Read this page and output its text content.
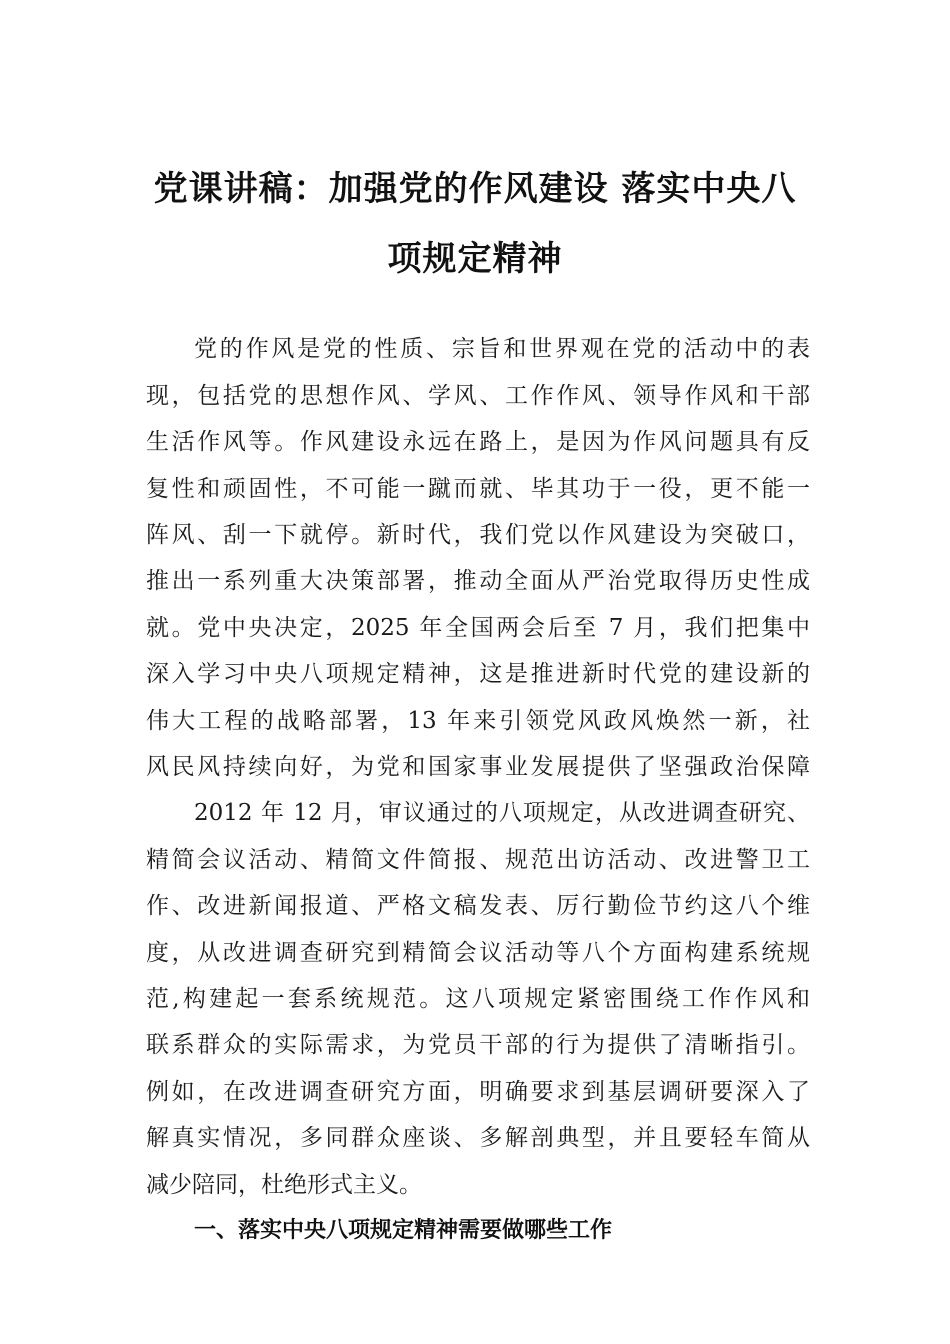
党课讲稿：加强党的作风建设 落实中央八
项规定精神
党的作风是党的性质、宗旨和世界观在党的活动中的表
现，包括党的思想作风、学风、工作作风、领导作风和干部
生活作风等。作风建设永远在路上，是因为作风问题具有反
复性和顽固性，不可能一蹴而就、毕其功于一役，更不能一
阵风、刮一下就停。新时代，我们党以作风建设为突破口，
推出一系列重大决策部署，推动全面从严治党取得历史性成
就。党中央决定，2025 年全国两会后至 7 月，我们把集中
深入学习中央八项规定精神，这是推进新时代党的建设新的
伟大工程的战略部署，13 年来引领党风政风焕然一新，社
风民风持续向好，为党和国家事业发展提供了坚强政治保障
2012 年 12 月，审议通过的八项规定，从改进调查研究、
精简会议活动、精简文件简报、规范出访活动、改进警卫工
作、改进新闻报道、严格文稿发表、厉行勤俭节约这八个维
度，从改进调查研究到精简会议活动等八个方面构建系统规
范,构建起一套系统规范。这八项规定紧密围绕工作作风和
联系群众的实际需求，为党员干部的行为提供了清晰指引。
例如，在改进调查研究方面，明确要求到基层调研要深入了
解真实情况，多同群众座谈、多解剖典型，并且要轻车简从
减少陪同，杜绝形式主义。
一、落实中央八项规定精神需要做哪些工作
